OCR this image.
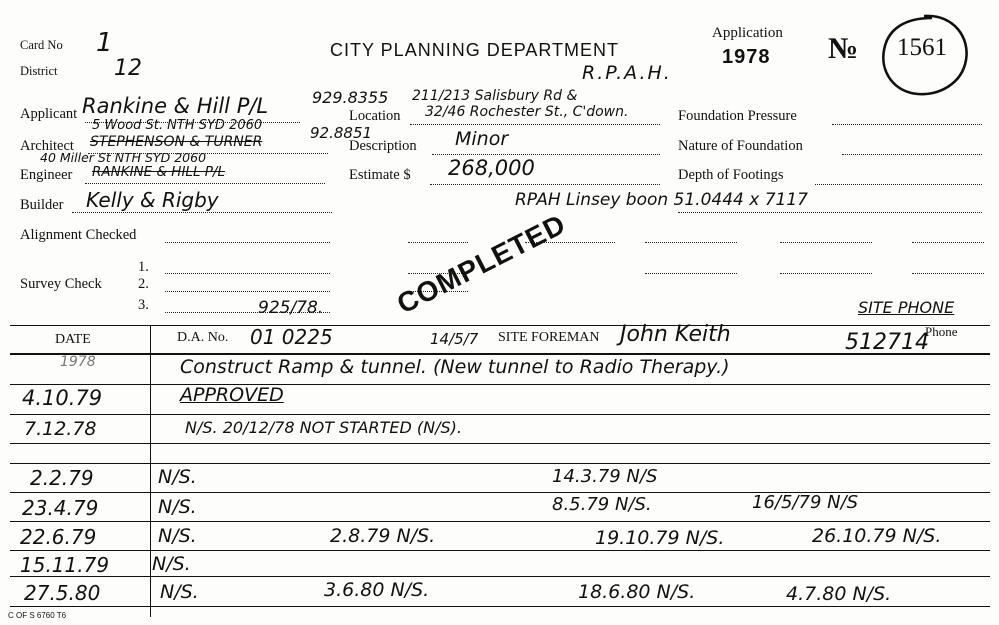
Card No 1
District	12
CITY PLANNING DEPARTMENT
Application
1978 № 1561
R.P.A.H.
Applicant Rankine & Hill P/L	929.8355
5 Wood St. NTH SYD 2060	92.8851
Location
211/213 Salisbury Rd &
32/46 Rochester St., C'down.
Architect STEPHENSON & TURNER
40 Miller St NTH SYD 2060
Description Minor
Engineer RANKINE & HILL P/L	Estimate $ 268,000
Builder Kelly & Rigby	RPAH Linsey boon 51.0444 x 7117
Alignment Checked
Survey Check
1.
2.
3.
Foundation Pressure
Nature of Foundation
Depth of Footings
925/78.	SITE PHONE
DATE	D.A. No. 01 0225	14/5/7 SITE FOREMAN John Keith	Phone
512714
COMPLETED
1978	Construct Ramp & tunnel. (New tunnel to Radio Therapy.)
4.10.79	APPROVED
7.12.78	N/S. 20/12/78 NOT STARTED (N/S).
2.2.79	N/S.	14.3.79 N/S
23.4.79	N/S.	8.5.79 N/S.	16/5/79 N/S
22.6.79	N/S.	2.8.79 N/S.	19.10.79 N/S.	26.10.79 N/S.
15.11.79 N/S.
27.5.80	N/S.	3.6.80 N/S.	18.6.80 N/S.	4.7.80 N/S.
C OF S 6760 T6
